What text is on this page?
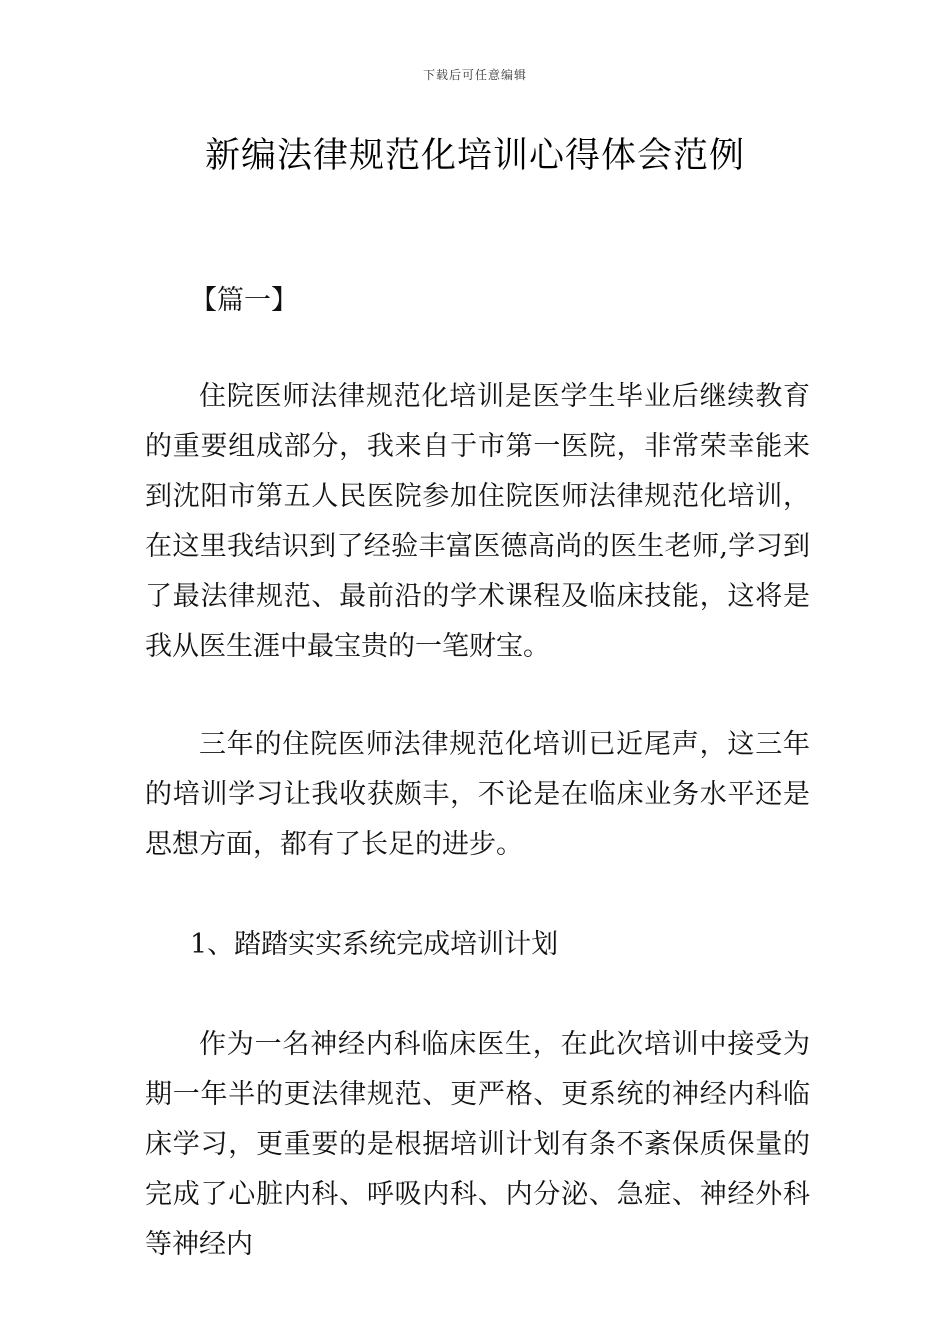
下载后可任意编辑
新编法律规范化培训心得体会范例
【篇一】
住院医师法律规范化培训是医学生毕业后继续教育的重要组成部分，我来自于市第一医院，非常荣幸能来到沈阳市第五人民医院参加住院医师法律规范化培训，在这里我结识到了经验丰富医德高尚的医生老师,学习到了最法律规范、最前沿的学术课程及临床技能，这将是我从医生涯中最宝贵的一笔财宝。
三年的住院医师法律规范化培训已近尾声，这三年的培训学习让我收获颇丰，不论是在临床业务水平还是思想方面，都有了长足的进步。
1、踏踏实实系统完成培训计划
作为一名神经内科临床医生，在此次培训中接受为期一年半的更法律规范、更严格、更系统的神经内科临床学习，更重要的是根据培训计划有条不紊保质保量的完成了心脏内科、呼吸内科、内分泌、急症、神经外科等神经内
